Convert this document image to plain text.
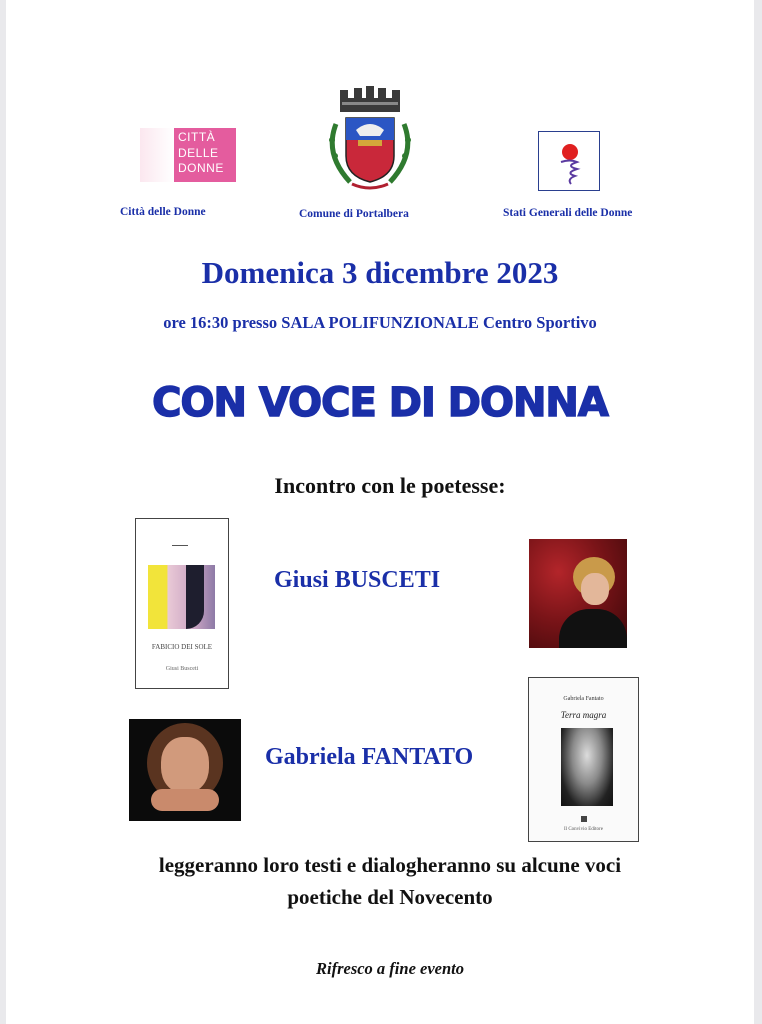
CITTÀ
DELLE
DONNE
Città delle Donne	Comune di Portalbera	Stati Generali delle Donne
Domenica 3 dicembre 2023
ore 16:30 presso SALA POLIFUNZIONALE Centro Sportivo
CON VOCE DI DONNA
Incontro con le poetesse:
FABICIO DEI SOLE
Giusi Busceti
Giusi BUSCETI
Gabriela FANTATO
Gabriela Fantato
Terra magra
Il Convivio Editore
leggeranno loro testi e dialogheranno su alcune voci
poetiche del Novecento
Rifresco a fine evento
